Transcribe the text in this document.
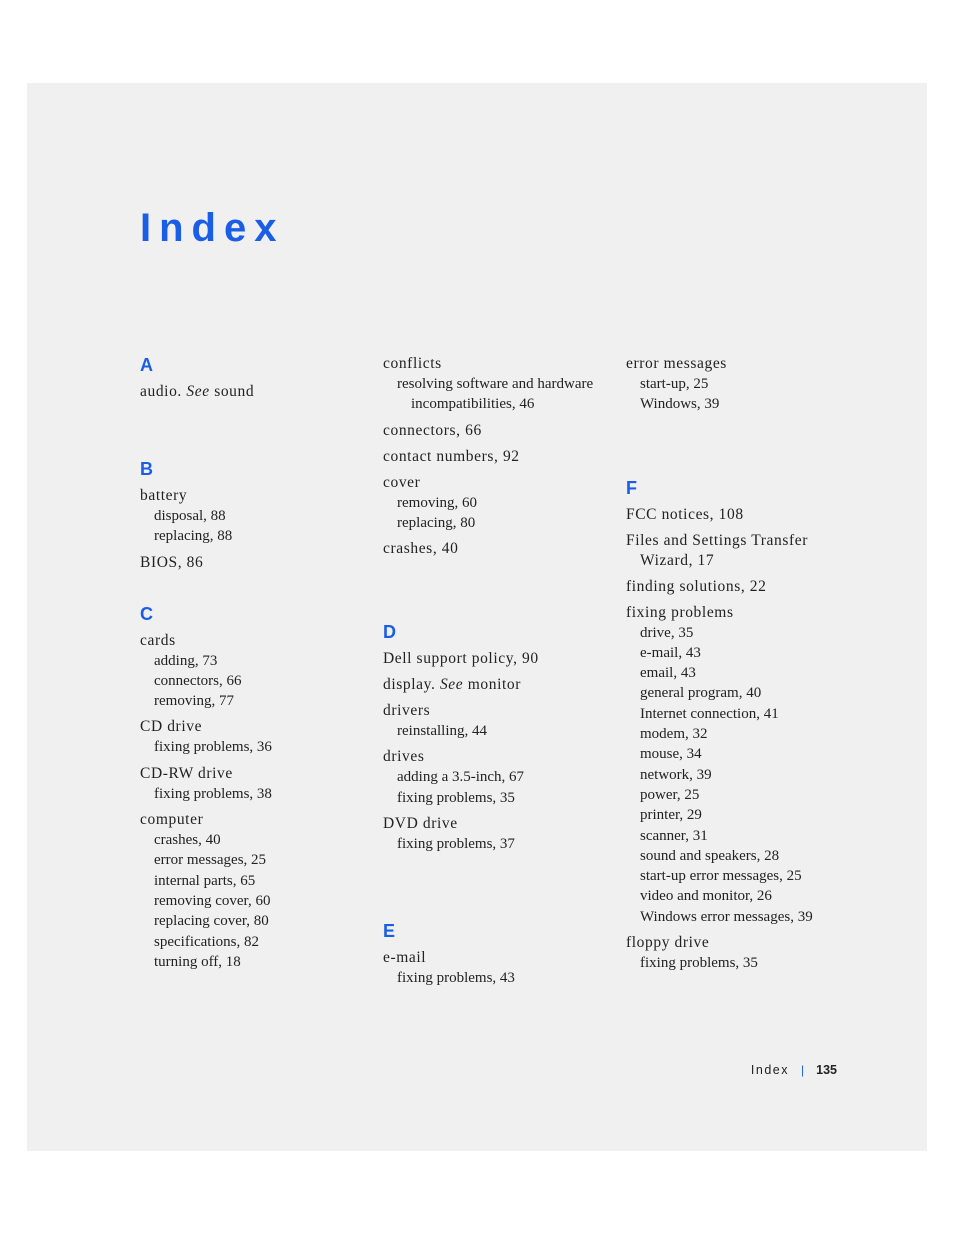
Index
A
audio. See sound
B
battery
disposal, 88
replacing, 88
BIOS, 86
C
cards
adding, 73
connectors, 66
removing, 77
CD drive
fixing problems, 36
CD-RW drive
fixing problems, 38
computer
crashes, 40
error messages, 25
internal parts, 65
removing cover, 60
replacing cover, 80
specifications, 82
turning off, 18
conflicts
resolving software and hardware incompatibilities, 46
connectors, 66
contact numbers, 92
cover
removing, 60
replacing, 80
crashes, 40
D
Dell support policy, 90
display. See monitor
drivers
reinstalling, 44
drives
adding a 3.5-inch, 67
fixing problems, 35
DVD drive
fixing problems, 37
E
e-mail
fixing problems, 43
error messages
start-up, 25
Windows, 39
F
FCC notices, 108
Files and Settings Transfer Wizard, 17
finding solutions, 22
fixing problems
drive, 35
e-mail, 43
email, 43
general program, 40
Internet connection, 41
modem, 32
mouse, 34
network, 39
power, 25
printer, 29
scanner, 31
sound and speakers, 28
start-up error messages, 25
video and monitor, 26
Windows error messages, 39
floppy drive
fixing problems, 35
Index | 135
